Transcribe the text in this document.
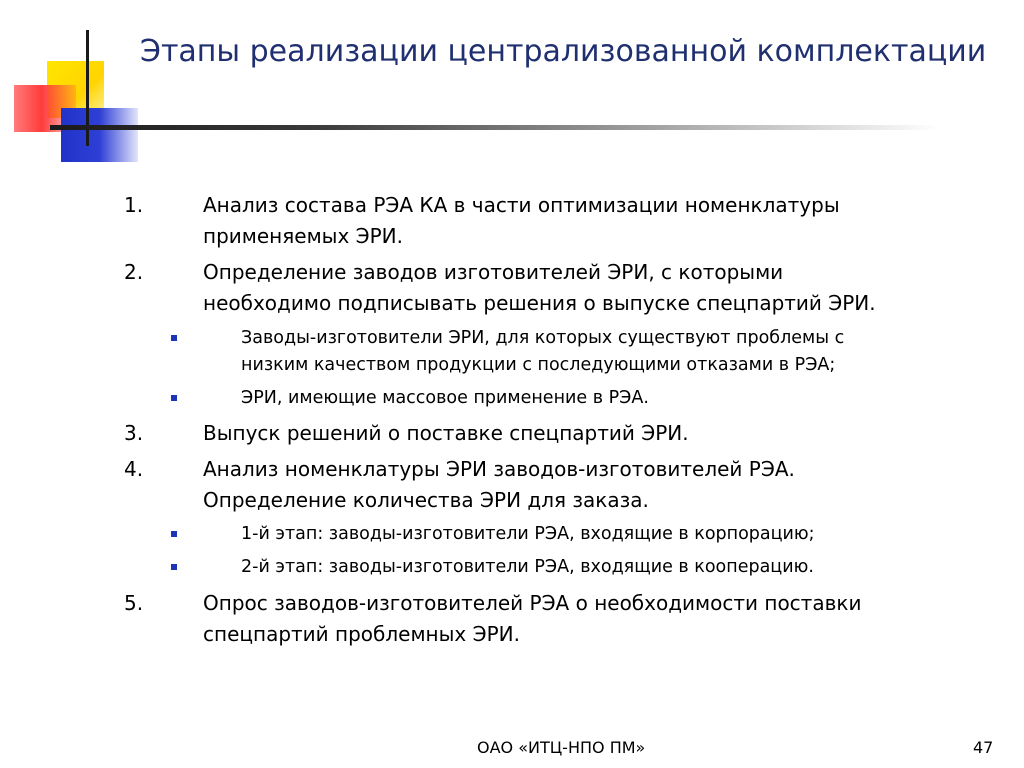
Этапы реализации централизованной комплектации
1.	Анализ состава РЭА КА в части оптимизации номенклатуры
применяемых ЭРИ.
2.	Определение заводов изготовителей ЭРИ, с которыми
необходимо подписывать решения о выпуске спецпартий ЭРИ.
Заводы-изготовители ЭРИ, для которых существуют проблемы с
низким качеством продукции с последующими отказами в РЭА;
ЭРИ, имеющие массовое применение в РЭА.
3.	Выпуск решений о поставке спецпартий ЭРИ.
4.	Анализ номенклатуры ЭРИ заводов-изготовителей РЭА.
Определение количества ЭРИ для заказа.
1-й этап: заводы-изготовители РЭА, входящие в корпорацию;
2-й этап: заводы-изготовители РЭА, входящие в кооперацию.
5.	Опрос заводов-изготовителей РЭА о необходимости поставки
спецпартий проблемных ЭРИ.
ОАО «ИТЦ-НПО ПМ»	47
